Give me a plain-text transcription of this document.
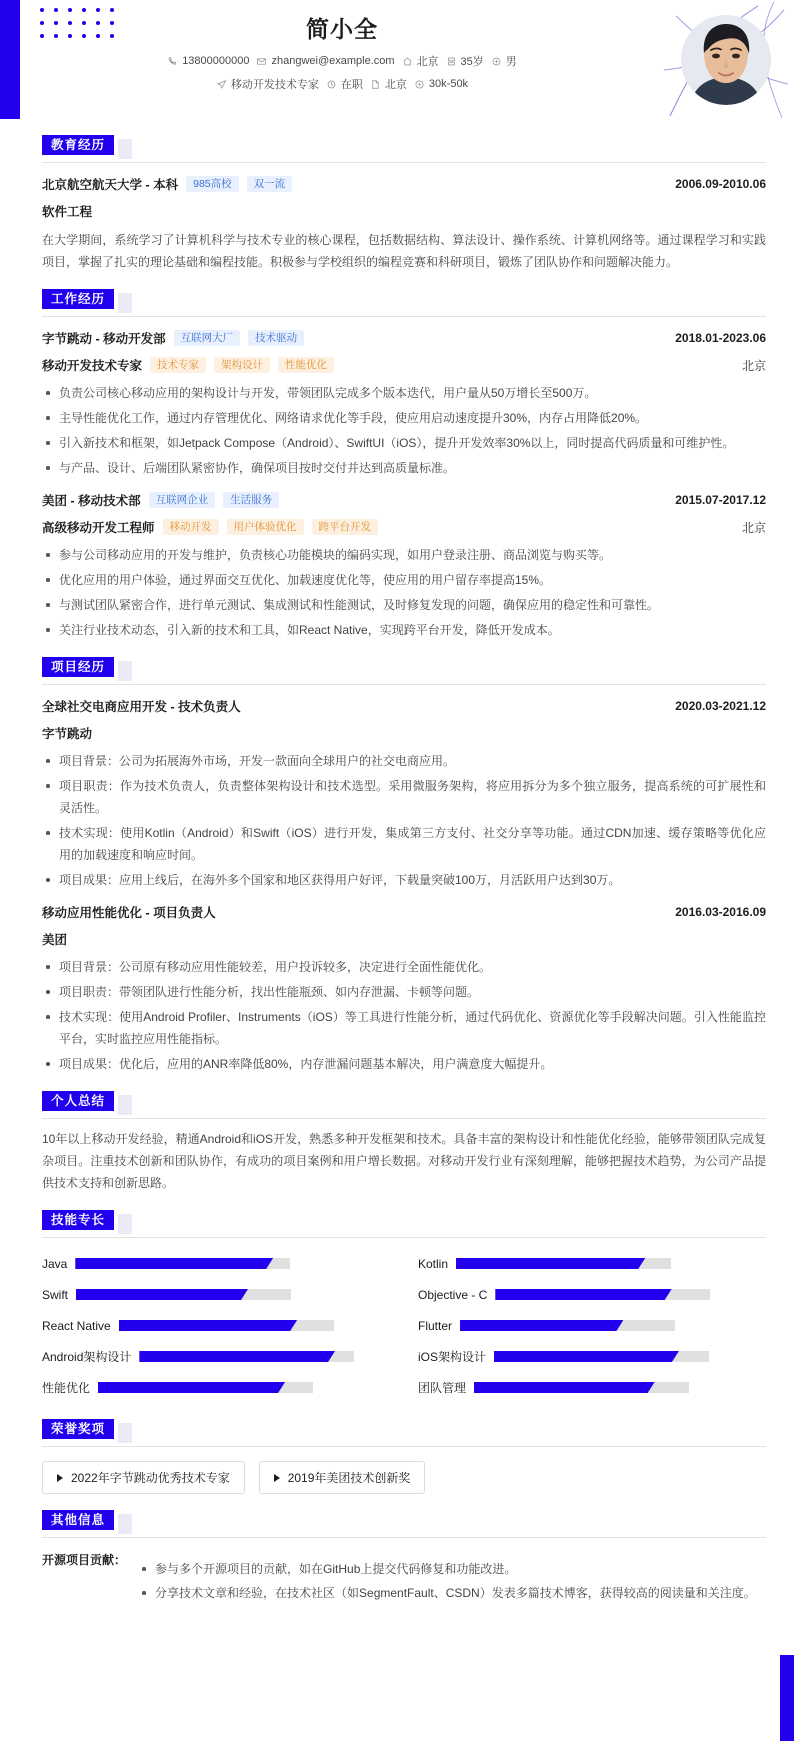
简小全
13800000000 zhangwei@example.com 北京 35岁 男
移动开发技术专家 在职 北京 30k-50k
教育经历
北京航空航天大学 - 本科	985高校	双一流	2006.09-2010.06
软件工程
在大学期间，系统学习了计算机科学与技术专业的核心课程，包括数据结构、算法设计、操作系统、计算机网络等。通过课程学习和实践项目，掌握了扎实的理论基础和编程技能。积极参与学校组织的编程竞赛和科研项目，锻炼了团队协作和问题解决能力。
工作经历
字节跳动 - 移动开发部	互联网大厂	技术驱动	2018.01-2023.06
移动开发技术专家	技术专家	架构设计	性能优化	北京
负责公司核心移动应用的架构设计与开发，带领团队完成多个版本迭代，用户量从50万增长至500万。
主导性能优化工作，通过内存管理优化、网络请求优化等手段，使应用启动速度提升30%，内存占用降低20%。
引入新技术和框架，如Jetpack Compose（Android）、SwiftUI（iOS），提升开发效率30%以上，同时提高代码质量和可维护性。
与产品、设计、后端团队紧密协作，确保项目按时交付并达到高质量标准。
美团 - 移动技术部	互联网企业	生活服务	2015.07-2017.12
高级移动开发工程师	移动开发	用户体验优化	跨平台开发	北京
参与公司移动应用的开发与维护，负责核心功能模块的编码实现，如用户登录注册、商品浏览与购买等。
优化应用的用户体验，通过界面交互优化、加载速度优化等，使应用的用户留存率提高15%。
与测试团队紧密合作，进行单元测试、集成测试和性能测试，及时修复发现的问题，确保应用的稳定性和可靠性。
关注行业技术动态，引入新的技术和工具，如React Native，实现跨平台开发，降低开发成本。
项目经历
全球社交电商应用开发 - 技术负责人	2020.03-2021.12
字节跳动
项目背景：公司为拓展海外市场，开发一款面向全球用户的社交电商应用。
项目职责：作为技术负责人，负责整体架构设计和技术选型。采用微服务架构，将应用拆分为多个独立服务，提高系统的可扩展性和灵活性。
技术实现：使用Kotlin（Android）和Swift（iOS）进行开发，集成第三方支付、社交分享等功能。通过CDN加速、缓存策略等优化应用的加载速度和响应时间。
项目成果：应用上线后，在海外多个国家和地区获得用户好评，下载量突破100万，月活跃用户达到30万。
移动应用性能优化 - 项目负责人	2016.03-2016.09
美团
项目背景：公司原有移动应用性能较差，用户投诉较多，决定进行全面性能优化。
项目职责：带领团队进行性能分析，找出性能瓶颈、如内存泄漏、卡顿等问题。
技术实现：使用Android Profiler、Instruments（iOS）等工具进行性能分析，通过代码优化、资源优化等手段解决问题。引入性能监控平台，实时监控应用性能指标。
项目成果：优化后，应用的ANR率降低80%，内存泄漏问题基本解决，用户满意度大幅提升。
个人总结
10年以上移动开发经验，精通Android和iOS开发，熟悉多种开发框架和技术。具备丰富的架构设计和性能优化经验，能够带领团队完成复杂项目。注重技术创新和团队协作，有成功的项目案例和用户增长数据。对移动开发行业有深刻理解，能够把握技术趋势，为公司产品提供技术支持和创新思路。
技能专长
Java	Kotlin
Swift	Objective - C
React Native	Flutter
Android架构设计	iOS架构设计
性能优化	团队管理
荣誉奖项
2022年字节跳动优秀技术专家	2019年美团技术创新奖
其他信息
开源项目贡献：
参与多个开源项目的贡献，如在GitHub上提交代码修复和功能改进。
分享技术文章和经验，在技术社区（如SegmentFault、CSDN）发表多篇技术博客，获得较高的阅读量和关注度。
